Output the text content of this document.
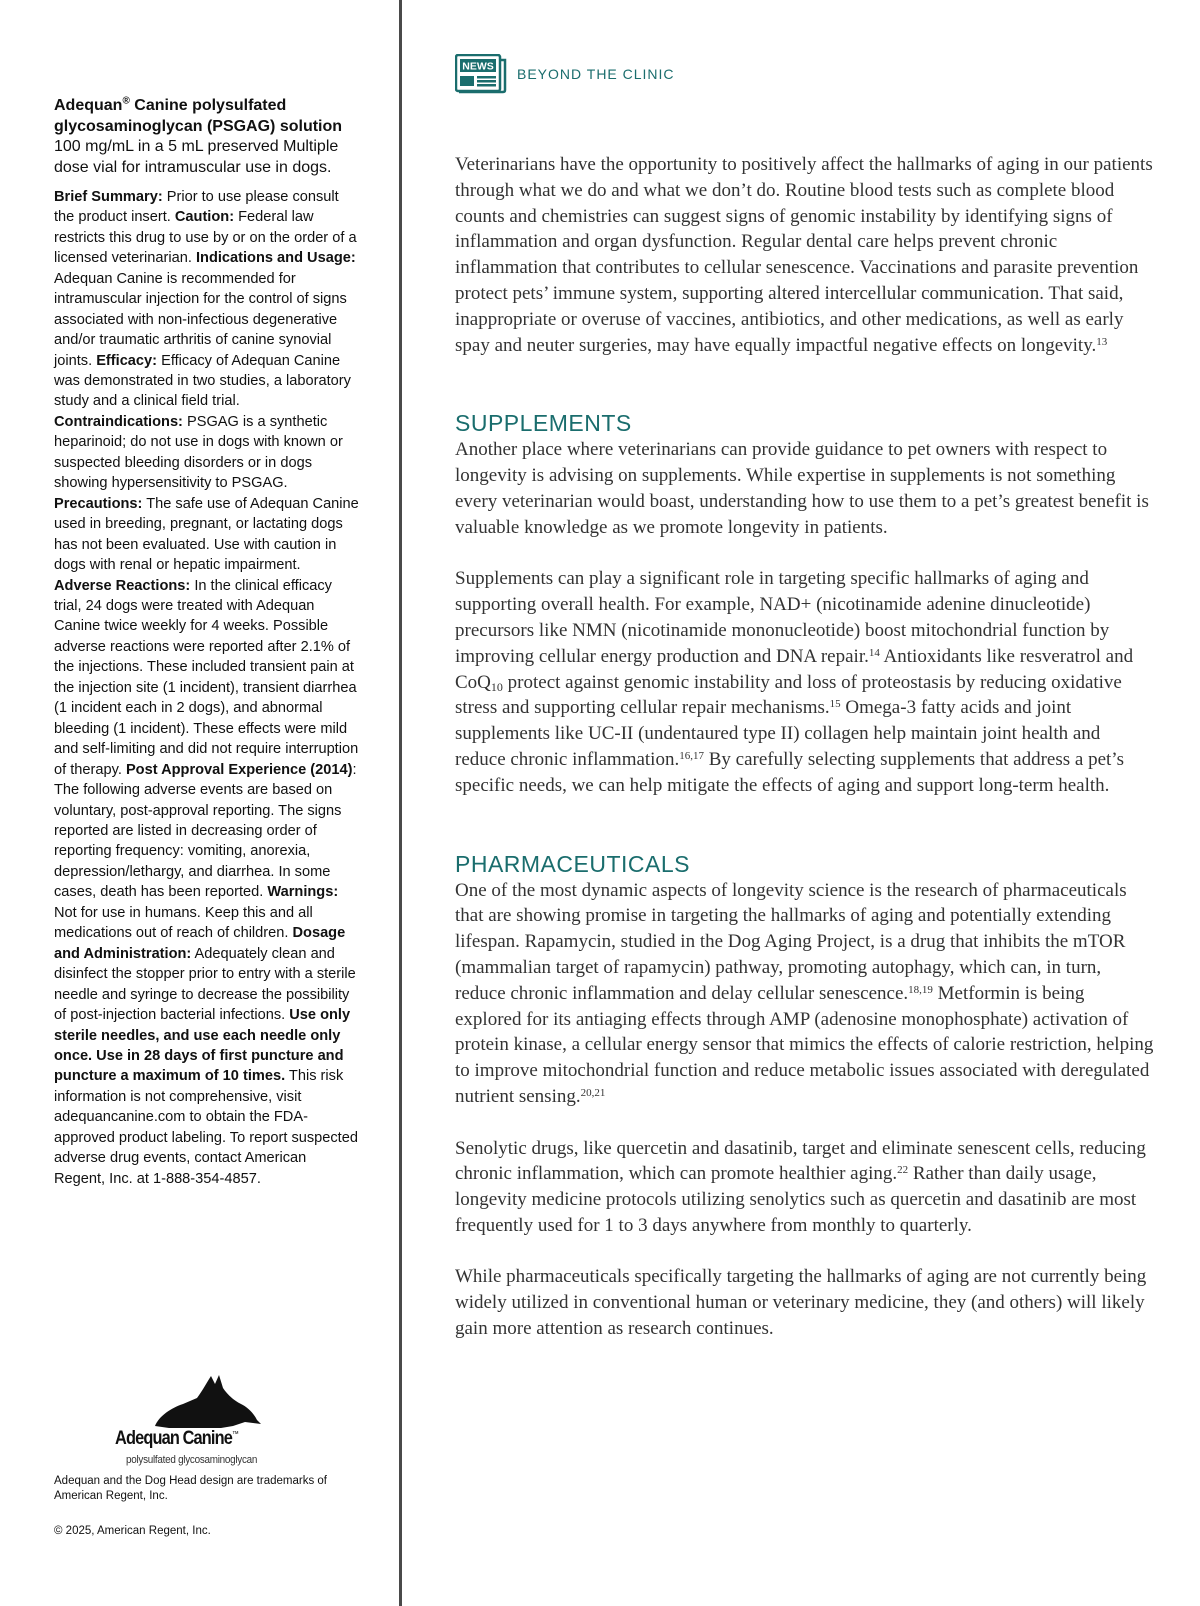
Adequan® Canine polysulfated glycosaminoglycan (PSGAG) solution 100 mg/mL in a 5 mL preserved Multiple dose vial for intramuscular use in dogs.

Brief Summary: Prior to use please consult the product insert. Caution: Federal law restricts this drug to use by or on the order of a licensed veterinarian. Indications and Usage: Adequan Canine is recommended for intramuscular injection for the control of signs associated with non-infectious degenerative and/or traumatic arthritis of canine synovial joints. Efficacy: Efficacy of Adequan Canine was demonstrated in two studies, a laboratory study and a clinical field trial. Contraindications: PSGAG is a synthetic heparinoid; do not use in dogs with known or suspected bleeding disorders or in dogs showing hypersensitivity to PSGAG. Precautions: The safe use of Adequan Canine used in breeding, pregnant, or lactating dogs has not been evaluated. Use with caution in dogs with renal or hepatic impairment. Adverse Reactions: In the clinical efficacy trial, 24 dogs were treated with Adequan Canine twice weekly for 4 weeks. Possible adverse reactions were reported after 2.1% of the injections. These included transient pain at the injection site (1 incident), transient diarrhea (1 incident each in 2 dogs), and abnormal bleeding (1 incident). These effects were mild and self-limiting and did not require interruption of therapy. Post Approval Experience (2014): The following adverse events are based on voluntary, post-approval reporting. The signs reported are listed in decreasing order of reporting frequency: vomiting, anorexia, depression/lethargy, and diarrhea. In some cases, death has been reported. Warnings: Not for use in humans. Keep this and all medications out of reach of children. Dosage and Administration: Adequately clean and disinfect the stopper prior to entry with a sterile needle and syringe to decrease the possibility of post-injection bacterial infections. Use only sterile needles, and use each needle only once. Use in 28 days of first puncture and puncture a maximum of 10 times. This risk information is not comprehensive, visit adequancanine.com to obtain the FDA-approved product labeling. To report suspected adverse drug events, contact American Regent, Inc. at 1-888-354-4857.

Adequan Canine™
polysulfated glycosaminoglycan

Adequan and the Dog Head design are trademarks of American Regent, Inc.

© 2025, American Regent, Inc.

NEWS BEYOND THE CLINIC

Veterinarians have the opportunity to positively affect the hallmarks of aging in our patients through what we do and what we don’t do. Routine blood tests such as complete blood counts and chemistries can suggest signs of genomic instability by identifying signs of inflammation and organ dysfunction. Regular dental care helps prevent chronic inflammation that contributes to cellular senescence. Vaccinations and parasite prevention protect pets’ immune system, supporting altered intercellular communication. That said, inappropriate or overuse of vaccines, antibiotics, and other medications, as well as early spay and neuter surgeries, may have equally impactful negative effects on longevity.$^{13}$

SUPPLEMENTS

Another place where veterinarians can provide guidance to pet owners with respect to longevity is advising on supplements. While expertise in supplements is not something every veterinarian would boast, understanding how to use them to a pet’s greatest benefit is valuable knowledge as we promote longevity in patients.

Supplements can play a significant role in targeting specific hallmarks of aging and supporting overall health. For example, NAD+ (nicotinamide adenine dinucleotide) precursors like NMN (nicotinamide mononucleotide) boost mitochondrial function by improving cellular energy production and DNA repair.$^{14}$ Antioxidants like resveratrol and CoQ$_{10}$ protect against genomic instability and loss of proteostasis by reducing oxidative stress and supporting cellular repair mechanisms.$^{15}$ Omega-3 fatty acids and joint supplements like UC-II (undentaured type II) collagen help maintain joint health and reduce chronic inflammation.$^{16,17}$ By carefully selecting supplements that address a pet’s specific needs, we can help mitigate the effects of aging and support long-term health.

PHARMACEUTICALS

One of the most dynamic aspects of longevity science is the research of pharmaceuticals that are showing promise in targeting the hallmarks of aging and potentially extending lifespan. Rapamycin, studied in the Dog Aging Project, is a drug that inhibits the mTOR (mammalian target of rapamycin) pathway, promoting autophagy, which can, in turn, reduce chronic inflammation and delay cellular senescence.$^{18,19}$ Metformin is being explored for its antiaging effects through AMP (adenosine monophosphate) activation of protein kinase, a cellular energy sensor that mimics the effects of calorie restriction, helping to improve mitochondrial function and reduce metabolic issues associated with deregulated nutrient sensing.$^{20,21}$

Senolytic drugs, like quercetin and dasatinib, target and eliminate senescent cells, reducing chronic inflammation, which can promote healthier aging.$^{22}$ Rather than daily usage, longevity medicine protocols utilizing senolytics such as quercetin and dasatinib are most frequently used for 1 to 3 days anywhere from monthly to quarterly.

While pharmaceuticals specifically targeting the hallmarks of aging are not currently being widely utilized in conventional human or veterinary medicine, they (and others) will likely gain more attention as research continues.
